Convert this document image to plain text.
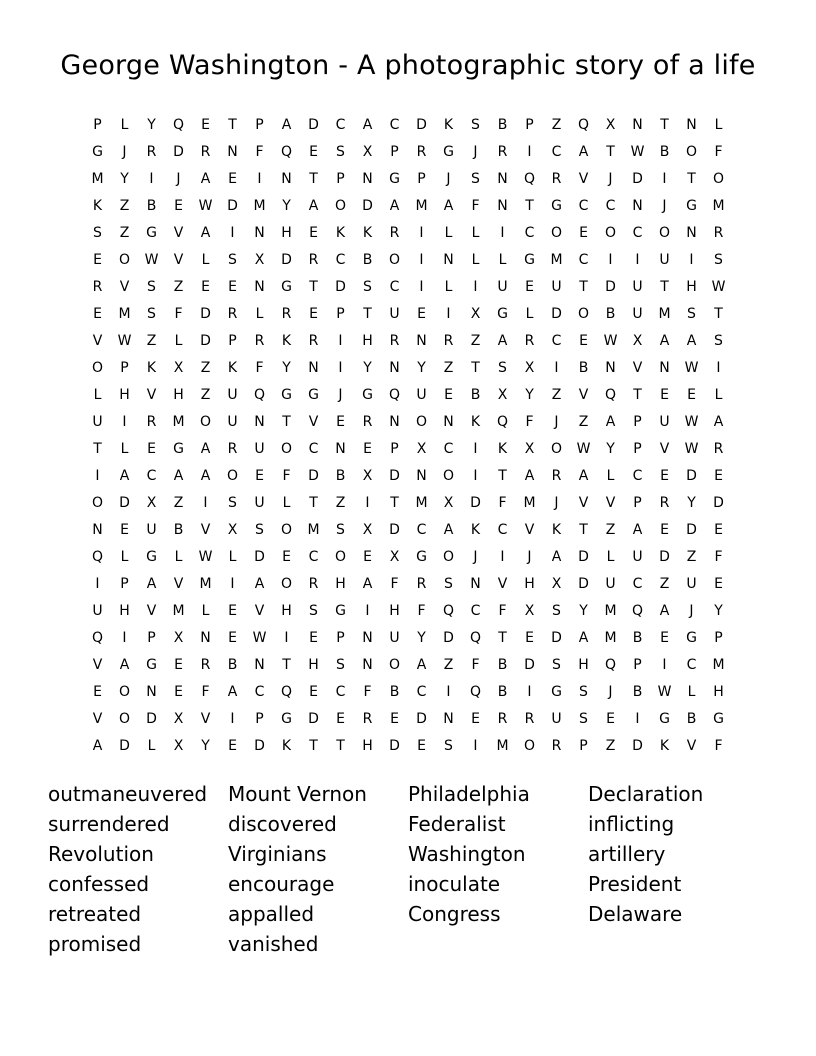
George Washington - A photographic story of a life
P	L	Y	Q	E	T	P	A	D	C	A	C	D	K	S	B	P	Z	Q	X	N	T	N	L
G	J	R	D	R	N	F	Q	E	S	X	P	R	G	J	R	I	C	A	T	W	B	O	F
M	Y	I	J	A	E	I	N	T	P	N	G	P	J	S	N	Q	R	V	J	D	I	T	O
K	Z	B	E	W	D	M	Y	A	O	D	A	M	A	F	N	T	G	C	C	N	J	G	M
S	Z	G	V	A	I	N	H	E	K	K	R	I	L	L	I	C	O	E	O	C	O	N	R
E	O	W	V	L	S	X	D	R	C	B	O	I	N	L	L	G	M	C	I	I	U	I	S
R	V	S	Z	E	E	N	G	T	D	S	C	I	L	I	U	E	U	T	D	U	T	H	W
E	M	S	F	D	R	L	R	E	P	T	U	E	I	X	G	L	D	O	B	U	M	S	T
V	W	Z	L	D	P	R	K	R	I	H	R	N	R	Z	A	R	C	E	W	X	A	A	S
O	P	K	X	Z	K	F	Y	N	I	Y	N	Y	Z	T	S	X	I	B	N	V	N	W	I
L	H	V	H	Z	U	Q	G	G	J	G	Q	U	E	B	X	Y	Z	V	Q	T	E	E	L
U	I	R	M	O	U	N	T	V	E	R	N	O	N	K	Q	F	J	Z	A	P	U	W	A
T	L	E	G	A	R	U	O	C	N	E	P	X	C	I	K	X	O	W	Y	P	V	W	R
I	A	C	A	A	O	E	F	D	B	X	D	N	O	I	T	A	R	A	L	C	E	D	E
O	D	X	Z	I	S	U	L	T	Z	I	T	M	X	D	F	M	J	V	V	P	R	Y	D
N	E	U	B	V	X	S	O	M	S	X	D	C	A	K	C	V	K	T	Z	A	E	D	E
Q	L	G	L	W	L	D	E	C	O	E	X	G	O	J	I	J	A	D	L	U	D	Z	F
I	P	A	V	M	I	A	O	R	H	A	F	R	S	N	V	H	X	D	U	C	Z	U	E
U	H	V	M	L	E	V	H	S	G	I	H	F	Q	C	F	X	S	Y	M	Q	A	J	Y
Q	I	P	X	N	E	W	I	E	P	N	U	Y	D	Q	T	E	D	A	M	B	E	G	P
V	A	G	E	R	B	N	T	H	S	N	O	A	Z	F	B	D	S	H	Q	P	I	C	M
E	O	N	E	F	A	C	Q	E	C	F	B	C	I	Q	B	I	G	S	J	B	W	L	H
V	O	D	X	V	I	P	G	D	E	R	E	D	N	E	R	R	U	S	E	I	G	B	G
A	D	L	X	Y	E	D	K	T	T	H	D	E	S	I	M	O	R	P	Z	D	K	V	F
outmaneuvered
surrendered
Revolution
confessed
retreated
promised
Mount Vernon
discovered
Virginians
encourage
appalled
vanished
Philadelphia
Federalist
Washington
inoculate
Congress
Declaration
inflicting
artillery
President
Delaware
